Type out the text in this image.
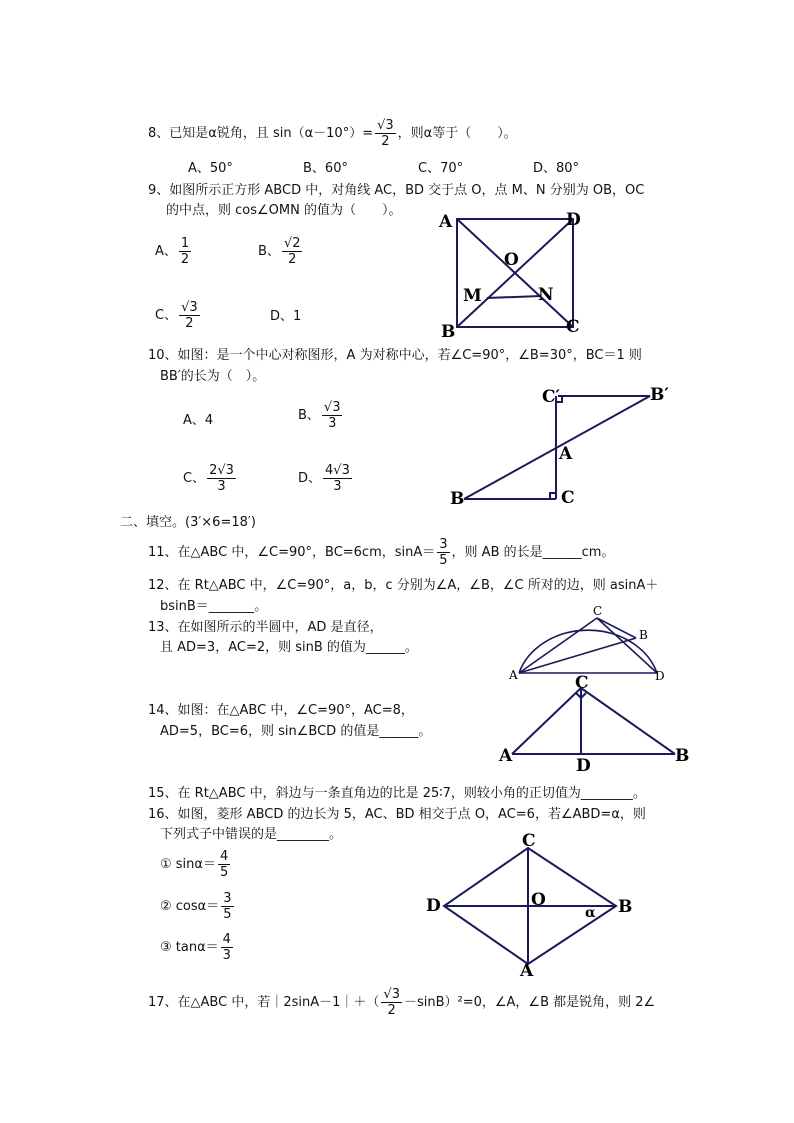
8、已知是α锐角，且 $\sin(\alpha-10^\circ)= \frac{√3}{2}$ ，则α等于（　　）。
A、50°	B、60°	C、70°	D、80°
9、如图所示正方形 ABCD 中，对角线 AC，BD 交于点 O，点 M、N 分别为 OB，OC
的中点，则 cos∠OMN 的值为（　　）。
A、 $\frac{1}{2}$	B、 $\frac{√2}{2}$
C、 $\frac{√3}{2}$	D、1
A	D
O
M	N
B	C
10、如图：是一个中心对称图形，A 为对称中心，若∠C=90°，∠B=30°，BC＝1 则
BB′的长为（　）。
A、4	B、 $\frac{√3}{3}$
C、 $\frac{2√3}{3}$	D、 $\frac{4√3}{3}$
C′	B′
A
B	C
二、填空。(3′×6=18′)
11、在△ABC 中，∠C=90°，BC=6cm，$\sin A= \frac{3}{5}$ ，则 AB 的长是______cm。
12、在 Rt△ABC 中，∠C=90°，a，b，c 分别为∠A，∠B，∠C 所对的边，则 asinA＋
bsinB＝_______。
13、在如图所示的半圆中，AD 是直径，
且 AD=3，AC=2，则 sinB 的值为______。
A
C
B
D
14、如图：在△ABC 中，∠C=90°，AC=8，
AD=5，BC=6，则 sin∠BCD 的值是______。
C
A	D	B
15、在 Rt△ABC 中，斜边与一条直角边的比是 25∶7，则较小角的正切值为________。
16、如图，菱形 ABCD 的边长为 5，AC、BD 相交于点 O，AC=6，若∠ABD=α，则
下列式子中错误的是________。
① $\sin\alpha= \frac{4}{5}$
② $\cos\alpha= \frac{3}{5}$
③ $\tan\alpha= \frac{4}{3}$
C
D	O
α B
A
17、在△ABC 中，若｜2sinA－1｜＋（ $\frac{√3}{2} -\sin B)^2=0$，∠A，∠B 都是锐角，则 2∠
